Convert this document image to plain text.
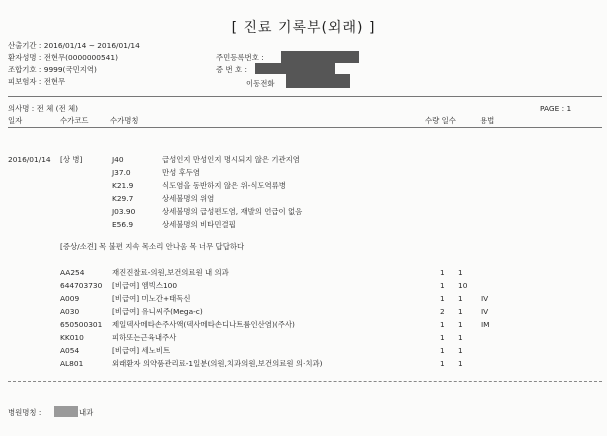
[ 진료 기록부(외래) ]
산출기간 : 2016/01/14 ~ 2016/01/14
환자성명 : 전현무(0000000541)
조합기호 : 9999(국민지역)
피보험자 : 전현무
주민등록번호 :
증 번 호 :
이동전화
의사명 : 전 체 (전 체)	PAGE : 1
일자	수가코드	수가명칭	수량 일수	용법
2016/01/14 [상 병]	J40	급성인지 만성인지 명시되지 않은 기관지염
J37.0	만성 후두염
K21.9	식도염을 동반하지 않은 위-식도역류병
K29.7	상세불명의 위염
J03.90	상세불명의 급성편도염, 재발의 언급이 없음
E56.9	상세불명의 비타민결핍
[증상/소견] 목 불편 지속 목소리 안나옴 목 너무 답답하다
AA254	재진진찰료-의원,보건의료원 내 의과	1 1
644703730 [비급여] 엠빅스100	1 10
A009	[비급여] 미노간+태독신	1 1 IV
A030	[비급여] 유니씨주(Mega-c)	2 1 IV
650500301 제일덱사메타손주사액(덱사메타손디나트륨인산염)(주사)	1 1 IM
KK010	피하또는근육내주사	1 1
A054	[비급여] 세노비트	1 1
AL801	외래환자 의약품관리료-1일분(의원,치과의원,보건의료원 의·치과)	1 1
병원명칭 :	내과
